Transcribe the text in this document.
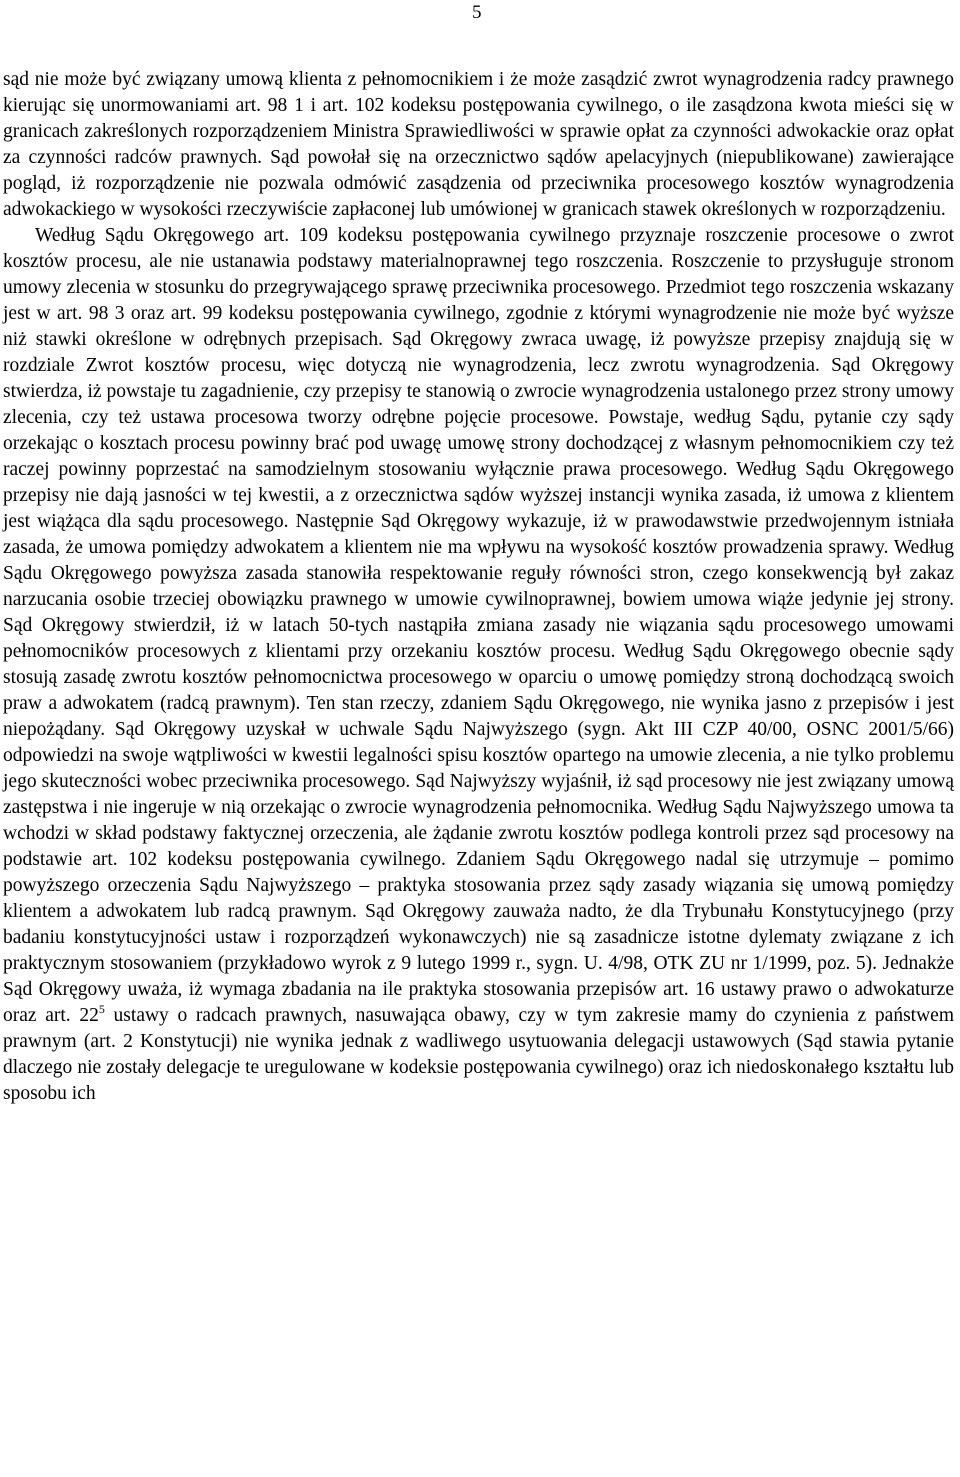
5

sąd nie może być związany umową klienta z pełnomocnikiem i że może zasądzić zwrot wynagrodzenia radcy prawnego kierując się unormowaniami art. 98 1 i art. 102 kodeksu postępowania cywilnego, o ile zasądzona kwota mieści się w granicach zakreślonych rozporządzeniem Ministra Sprawiedliwości w sprawie opłat za czynności adwokackie oraz opłat za czynności radców prawnych. Sąd powołał się na orzecznictwo sądów apelacyjnych (niepublikowane) zawierające pogląd, iż rozporządzenie nie pozwala odmówić zasądzenia od przeciwnika procesowego kosztów wynagrodzenia adwokackiego w wysokości rzeczywiście zapłaconej lub umówionej w granicach stawek określonych w rozporządzeniu.

Według Sądu Okręgowego art. 109 kodeksu postępowania cywilnego przyznaje roszczenie procesowe o zwrot kosztów procesu, ale nie ustanawia podstawy materialnoprawnej tego roszczenia. Roszczenie to przysługuje stronom umowy zlecenia w stosunku do przegrywającego sprawę przeciwnika procesowego. Przedmiot tego roszczenia wskazany jest w art. 98 3 oraz art. 99 kodeksu postępowania cywilnego, zgodnie z którymi wynagrodzenie nie może być wyższe niż stawki określone w odrębnych przepisach. Sąd Okręgowy zwraca uwagę, iż powyższe przepisy znajdują się w rozdziale Zwrot kosztów procesu, więc dotyczą nie wynagrodzenia, lecz zwrotu wynagrodzenia. Sąd Okręgowy stwierdza, iż powstaje tu zagadnienie, czy przepisy te stanowią o zwrocie wynagrodzenia ustalonego przez strony umowy zlecenia, czy też ustawa procesowa tworzy odrębne pojęcie procesowe. Powstaje, według Sądu, pytanie czy sądy orzekając o kosztach procesu powinny brać pod uwagę umowę strony dochodzącej z własnym pełnomocnikiem czy też raczej powinny poprzestać na samodzielnym stosowaniu wyłącznie prawa procesowego. Według Sądu Okręgowego przepisy nie dają jasności w tej kwestii, a z orzecznictwa sądów wyższej instancji wynika zasada, iż umowa z klientem jest wiążąca dla sądu procesowego. Następnie Sąd Okręgowy wykazuje, iż w prawodawstwie przedwojennym istniała zasada, że umowa pomiędzy adwokatem a klientem nie ma wpływu na wysokość kosztów prowadzenia sprawy. Według Sądu Okręgowego powyższa zasada stanowiła respektowanie reguły równości stron, czego konsekwencją był zakaz narzucania osobie trzeciej obowiązku prawnego w umowie cywilnoprawnej, bowiem umowa wiąże jedynie jej strony. Sąd Okręgowy stwierdził, iż w latach 50-tych nastąpiła zmiana zasady nie wiązania sądu procesowego umowami pełnomocników procesowych z klientami przy orzekaniu kosztów procesu. Według Sądu Okręgowego obecnie sądy stosują zasadę zwrotu kosztów pełnomocnictwa procesowego w oparciu o umowę pomiędzy stroną dochodzącą swoich praw a adwokatem (radcą prawnym). Ten stan rzeczy, zdaniem Sądu Okręgowego, nie wynika jasno z przepisów i jest niepożądany. Sąd Okręgowy uzyskał w uchwale Sądu Najwyższego (sygn. Akt III CZP 40/00, OSNC 2001/5/66) odpowiedzi na swoje wątpliwości w kwestii legalności spisu kosztów opartego na umowie zlecenia, a nie tylko problemu jego skuteczności wobec przeciwnika procesowego. Sąd Najwyższy wyjaśnił, iż sąd procesowy nie jest związany umową zastępstwa i nie ingeruje w nią orzekając o zwrocie wynagrodzenia pełnomocnika. Według Sądu Najwyższego umowa ta wchodzi w skład podstawy faktycznej orzeczenia, ale żądanie zwrotu kosztów podlega kontroli przez sąd procesowy na podstawie art. 102 kodeksu postępowania cywilnego. Zdaniem Sądu Okręgowego nadal się utrzymuje – pomimo powyższego orzeczenia Sądu Najwyższego – praktyka stosowania przez sądy zasady wiązania się umową pomiędzy klientem a adwokatem lub radcą prawnym. Sąd Okręgowy zauważa nadto, że dla Trybunału Konstytucyjnego (przy badaniu konstytucyjności ustaw i rozporządzeń wykonawczych) nie są zasadnicze istotne dylematy związane z ich praktycznym stosowaniem (przykładowo wyrok z 9 lutego 1999 r., sygn. U. 4/98, OTK ZU nr 1/1999, poz. 5). Jednakże Sąd Okręgowy uważa, iż wymaga zbadania na ile praktyka stosowania przepisów art. 16 ustawy prawo o adwokaturze oraz art. $22^5$ ustawy o radcach prawnych, nasuwająca obawy, czy w tym zakresie mamy do czynienia z państwem prawnym (art. 2 Konstytucji) nie wynika jednak z wadliwego usytuowania delegacji ustawowych (Sąd stawia pytanie dlaczego nie zostały delegacje te uregulowane w kodeksie postępowania cywilnego) oraz ich niedoskonałego kształtu lub sposobu ich
